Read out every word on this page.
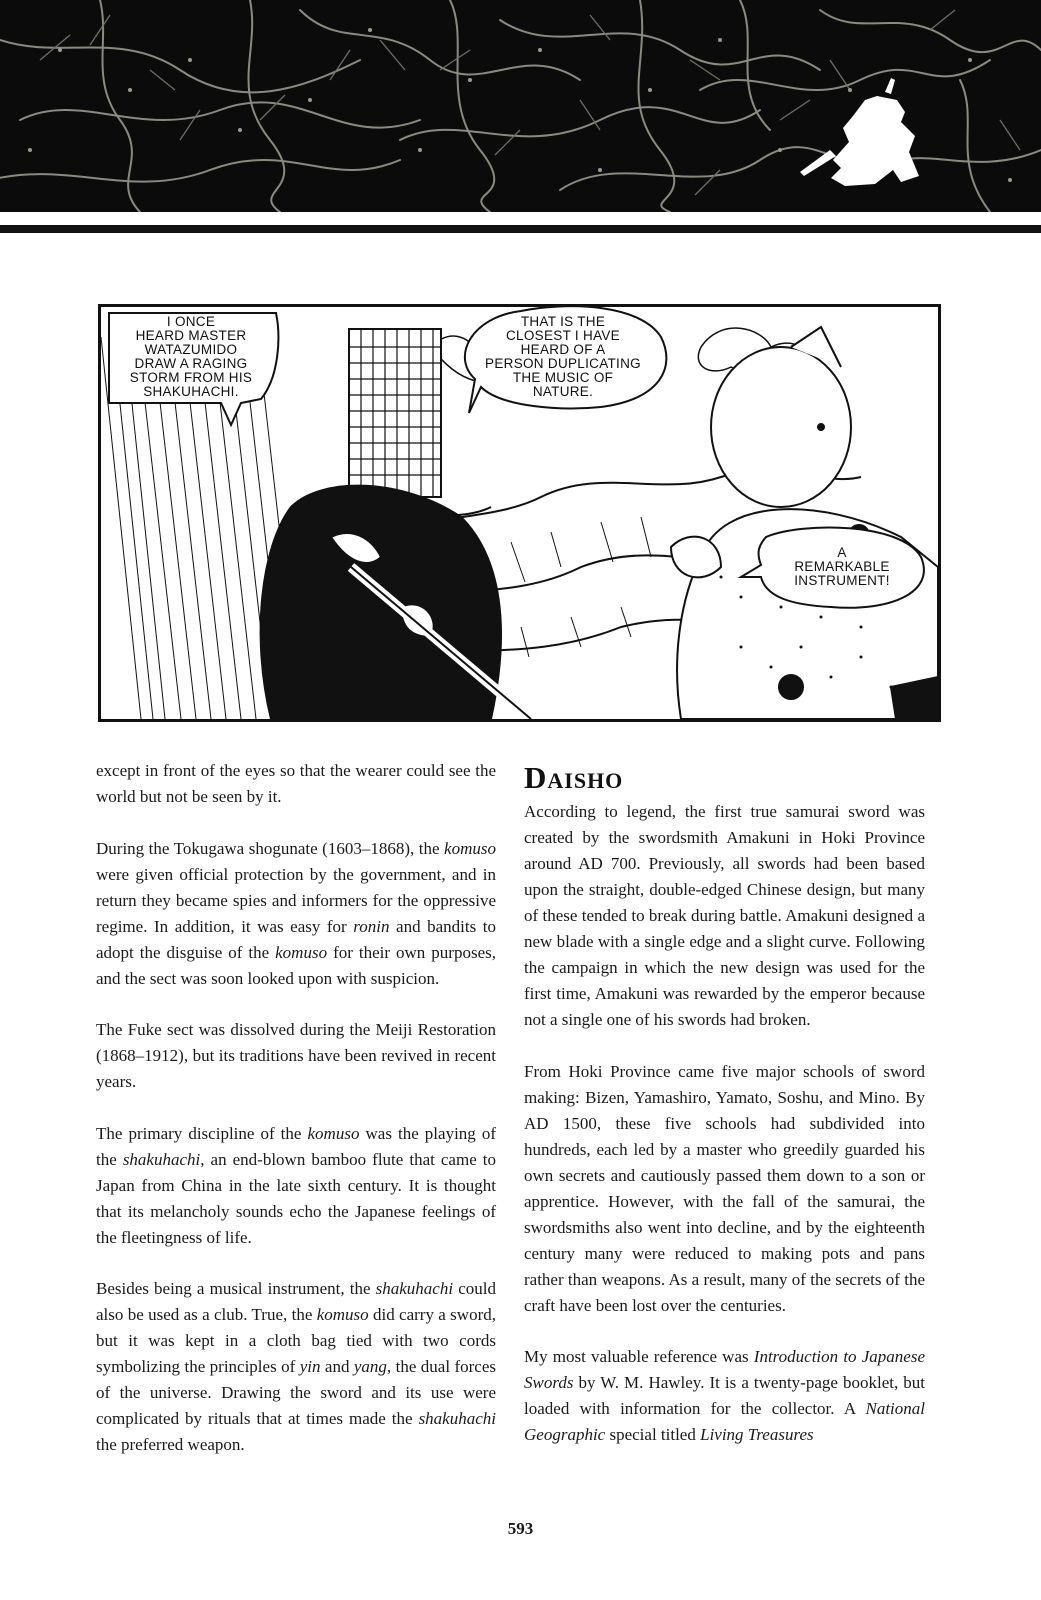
I ONCE
HEARD MASTER
WATAZUMIDO
DRAW A RAGING
STORM FROM HIS
SHAKUHACHI.
THAT IS THE
CLOSEST I HAVE
HEARD OF A
PERSON DUPLICATING
THE MUSIC OF
NATURE.
A
REMARKABLE
INSTRUMENT!

except in front of the eyes so that the wearer could see the world but not be seen by it.

During the Tokugawa shogunate (1603–1868), the komuso were given official protection by the government, and in return they became spies and informers for the oppressive regime. In addition, it was easy for ronin and bandits to adopt the disguise of the komuso for their own purposes, and the sect was soon looked upon with suspicion.

The Fuke sect was dissolved during the Meiji Restoration (1868–1912), but its traditions have been revived in recent years.

The primary discipline of the komuso was the playing of the shakuhachi, an end-blown bamboo flute that came to Japan from China in the late sixth century. It is thought that its melancholy sounds echo the Japanese feelings of the fleetingness of life.

Besides being a musical instrument, the shakuhachi could also be used as a club. True, the komuso did carry a sword, but it was kept in a cloth bag tied with two cords symbolizing the principles of yin and yang, the dual forces of the universe. Drawing the sword and its use were complicated by rituals that at times made the shakuhachi the preferred weapon.

Daisho

According to legend, the first true samurai sword was created by the swordsmith Amakuni in Hoki Province around AD 700. Previously, all swords had been based upon the straight, double-edged Chinese design, but many of these tended to break during battle. Amakuni designed a new blade with a single edge and a slight curve. Following the campaign in which the new design was used for the first time, Amakuni was rewarded by the emperor because not a single one of his swords had broken.

From Hoki Province came five major schools of sword making: Bizen, Yamashiro, Yamato, Soshu, and Mino. By AD 1500, these five schools had subdivided into hundreds, each led by a master who greedily guarded his own secrets and cautiously passed them down to a son or apprentice. However, with the fall of the samurai, the swordsmiths also went into decline, and by the eighteenth century many were reduced to making pots and pans rather than weapons. As a result, many of the secrets of the craft have been lost over the centuries.

My most valuable reference was Introduction to Japanese Swords by W. M. Hawley. It is a twenty-page booklet, but loaded with information for the collector. A National Geographic special titled Living Treasures

593
